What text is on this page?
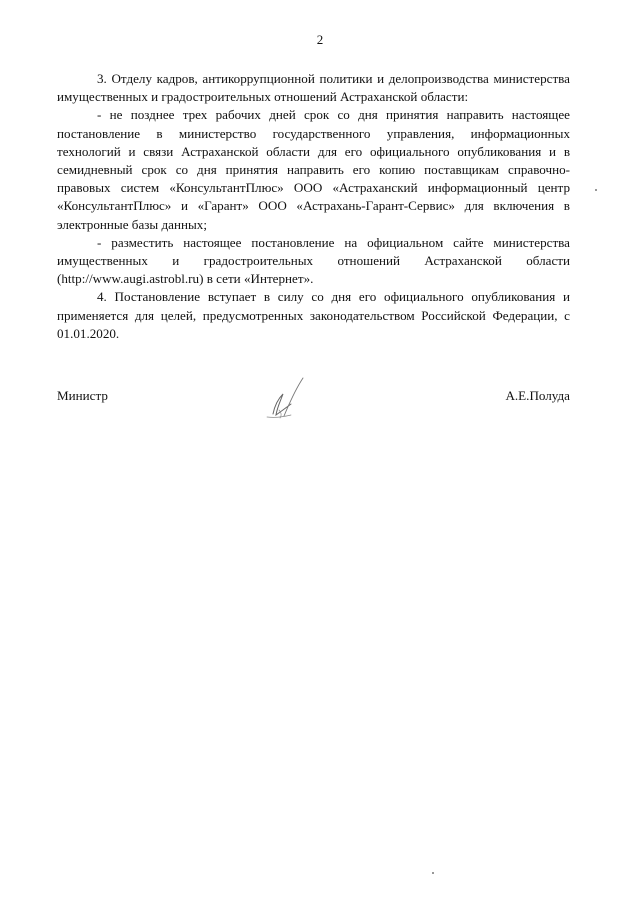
2

3. Отделу кадров, антикоррупционной политики и делопроизводства министерства имущественных и градостроительных отношений Астраханской области:

- не позднее трех рабочих дней срок со дня принятия направить настоящее постановление в министерство государственного управления, информационных технологий и связи Астраханской области для его официального опубликования и в семидневный срок со дня принятия направить его копию поставщикам справочно-правовых систем «КонсультантПлюс» ООО «Астраханский информационный центр «КонсультантПлюс» и «Гарант» ООО «Астрахань-Гарант-Сервис» для включения в электронные базы данных;

- разместить настоящее постановление на официальном сайте министерства имущественных и градостроительных отношений Астраханской области (http://www.augi.astrobl.ru) в сети «Интернет».

4. Постановление вступает в силу со дня его официального опубликования и применяется для целей, предусмотренных законодательством Российской Федерации, с 01.01.2020.

Министр	А.Е.Полуда
